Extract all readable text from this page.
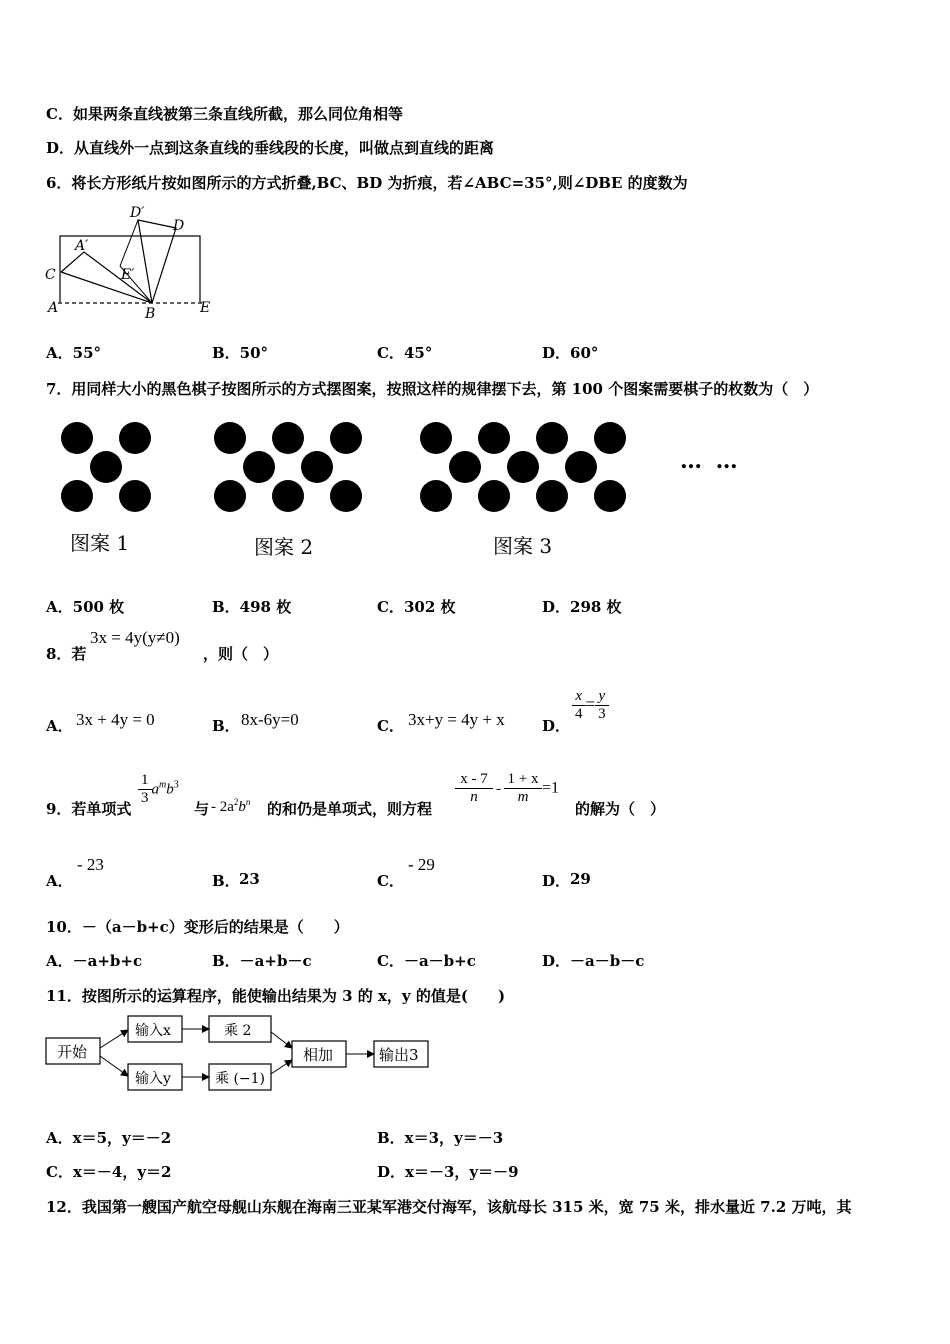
C．如果两条直线被第三条直线所截，那么同位角相等
D．从直线外一点到这条直线的垂线段的长度，叫做点到直线的距离
6．将长方形纸片按如图所示的方式折叠,BC、BD 为折痕，若∠ABC=35°,则∠DBE 的度数为
D′
D
A′
C	E′
A	B	E
A．55°	B．50°	C．45°	D．60°
7．用同样大小的黑色棋子按图所示的方式摆图案，按照这样的规律摆下去，第 100 个图案需要棋子的枚数为（　）
… …
图案 1	图案 2	图案 3
A．500 枚	B．498 枚	C．302 枚	D．298 枚
8．若
3x = 4y(y≠0)
，则（　）
A． 3x + 4y = 0	B． 8x-6y=0	C． 3x+y = 4y + x D．
$\frac{x}{4} = \frac{y}{3}$
9．若单项式
$\frac{1}{3} a^mb^3$
与 - $2a^2b^n$ 的和仍是单项式，则方程
$\frac{x - 7}{n} - \frac{1 + x}{m} =1$
的解为（　）
A．
- 23
B． 23	C．
- 29
D． 29
10．－（a－b+c）变形后的结果是（　　）
A．－a+b+c	B．－a+b－c	C．－a－b+c	D．－a－b－c
11．按图所示的运算程序，能使输出结果为 3 的 x，y 的值是(　　)
开始
输入x
输入y
乘 2
乘 (−1)
相加	输出3
A．x＝5，y＝－2	B．x＝3，y＝－3
C．x＝－4，y＝2	D．x＝－3，y＝－9
12．我国第一艘国产航空母舰山东舰在海南三亚某军港交付海军，该航母长 315 米，宽 75 米，排水量近 7.2 万吨，其
